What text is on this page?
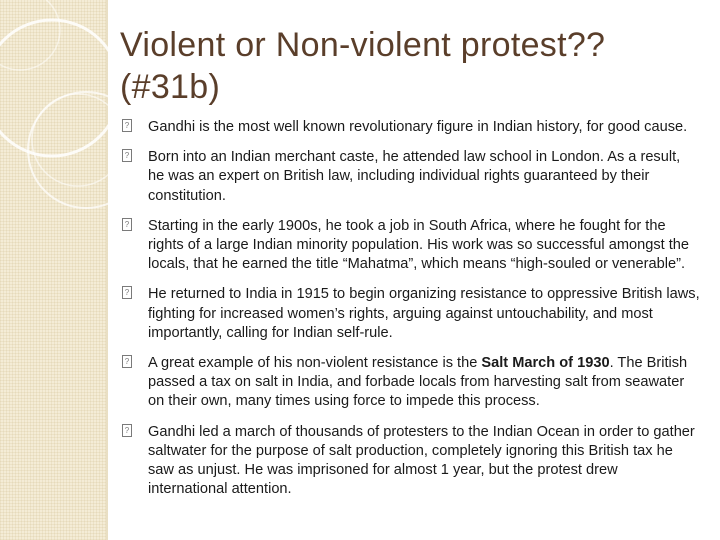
Violent or Non-violent protest?? (#31b)
? Gandhi is the most well known revolutionary figure in Indian history, for good cause.
? Born into an Indian merchant caste, he attended law school in London. As a result, he was an expert on British law, including individual rights guaranteed by their constitution.
? Starting in the early 1900s, he took a job in South Africa, where he fought for the rights of a large Indian minority population. His work was so successful amongst the locals, that he earned the title “Mahatma”, which means “high-souled or venerable”.
? He returned to India in 1915 to begin organizing resistance to oppressive British laws, fighting for increased women’s rights, arguing against untouchability, and most importantly, calling for Indian self-rule.
? A great example of his non-violent resistance is the Salt March of 1930. The British passed a tax on salt in India, and forbade locals from harvesting salt from seawater on their own, many times using force to impede this process.
? Gandhi led a march of thousands of protesters to the Indian Ocean in order to gather saltwater for the purpose of salt production, completely ignoring this British tax he saw as unjust. He was imprisoned for almost 1 year, but the protest drew international attention.
